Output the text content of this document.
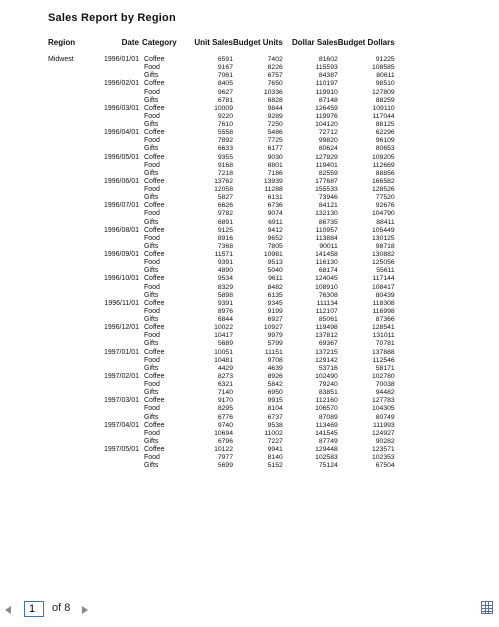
Sales Report by Region
Region	Date	Category	Unit Sales	Budget Units	Dollar Sales	Budget Dollars

Midwest	1996/01/01	Coffee	6591	7402	81602	91225
		Food	9167	8226	115593	108585
		Gifts	7061	6757	84387	80611
	1996/02/01	Coffee	8405	7650	110197	98510
		Food	9627	10336	119910	127809
		Gifts	6781	6828	87148	88259
	1996/03/01	Coffee	10009	9844	126459	109110
		Food	9220	9289	119976	117044
		Gifts	7610	7250	104120	88125
	1996/04/01	Coffee	5558	5486	72712	62296
		Food	7892	7725	99820	96109
		Gifts	6633	6177	80624	80653
	1996/05/01	Coffee	9355	9030	127929	109205
		Food	9168	8801	119401	112669
		Gifts	7218	7186	82559	88856
	1996/06/01	Coffee	13762	13939	177687	166582
		Food	12058	11288	155533	128526
		Gifts	5827	6131	73946	77520
	1996/07/01	Coffee	6626	6736	84121	92676
		Food	9782	9074	132130	104790
		Gifts	6891	6911	86735	88411
	1996/08/01	Coffee	9125	9412	110957	105449
		Food	8916	9652	113884	130125
		Gifts	7368	7805	90011	98718
	1996/09/01	Coffee	11571	10981	141458	130882
		Food	9391	9513	116130	125056
		Gifts	4890	5040	68174	55611
	1996/10/01	Coffee	9534	9611	124045	117144
		Food	8329	8482	108910	108417
		Gifts	5898	6135	76308	80439
	1996/11/01	Coffee	9391	9345	111134	118308
		Food	8976	9199	112107	116998
		Gifts	6844	6927	85061	87366
	1996/12/01	Coffee	10022	10927	119498	128541
		Food	10417	9979	137812	131011
		Gifts	5689	5799	69367	70781
	1997/01/01	Coffee	10051	11151	137215	137888
		Food	10481	9708	129142	112546
		Gifts	4429	4639	53716	58171
	1997/02/01	Coffee	8273	8926	102490	102780
		Food	6321	5842	79240	70038
		Gifts	7140	6950	83851	94482
	1997/03/01	Coffee	9170	9915	112160	127783
		Food	8295	8104	106570	104305
		Gifts	6776	6737	87089	80749
	1997/04/01	Coffee	9740	9538	113469	111993
		Food	10694	11002	141545	124927
		Gifts	6796	7227	87749	90282
	1997/05/01	Coffee	10122	9941	129448	123571
		Food	7977	8140	102583	102353
		Gifts	5699	5152	75124	67504
1
of 8
